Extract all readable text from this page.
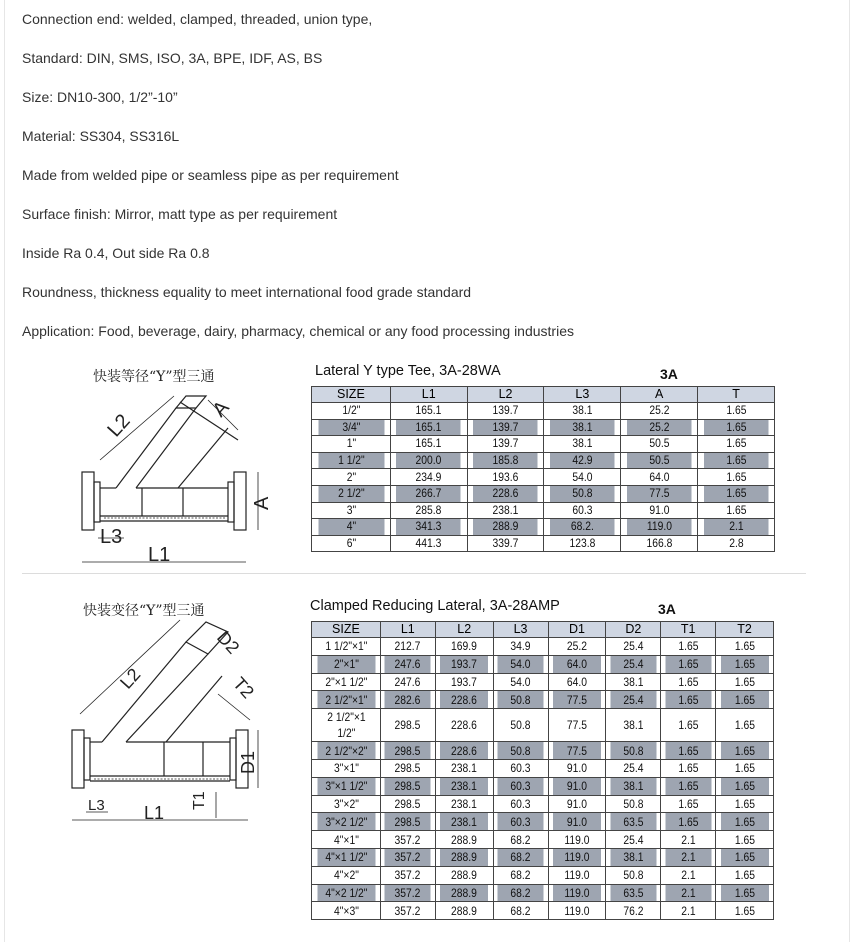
Connection end: welded, clamped, threaded, union type,
Standard: DIN, SMS, ISO, 3A, BPE, IDF, AS, BS
Size: DN10-300, 1/2”-10”
Material: SS304, SS316L
Made from welded pipe or seamless pipe as per requirement
Surface finish: Mirror, matt type as per requirement
Inside Ra 0.4, Out side Ra 0.8
Roundness, thickness equality to meet international food grade standard
Application: Food, beverage, dairy, pharmacy, chemical or any food processing industries
快装等径“Y”型三通
L2
A
A
L3
L1
Lateral Y type Tee, 3A-28WA	3A
SIZE	L1	L2	L3	A	T
1/2"	165.1	139.7	38.1	25.2	1.65
3/4"	165.1	139.7	38.1	25.2	1.65
1"	165.1	139.7	38.1	50.5	1.65
1 1/2"	200.0	185.8	42.9	50.5	1.65
2"	234.9	193.6	54.0	64.0	1.65
2 1/2"	266.7	228.6	50.8	77.5	1.65
3"	285.8	238.1	60.3	91.0	1.65
4"	341.3	288.9	68.2.	119.0	2.1
6"	441.3	339.7	123.8	166.8	2.8
快装变径“Y”型三通
L2
D2
T2
D1
T1
L3 L1
Clamped Reducing Lateral, 3A-28AMP	3A
SIZE	L1	L2	L3	D1	D2	T1	T2
1 1/2"×1"	212.7	169.9	34.9	25.2	25.4	1.65	1.65
2"×1"	247.6	193.7	54.0	64.0	25.4	1.65	1.65
2"×1 1/2"	247.6	193.7	54.0	64.0	38.1	1.65	1.65
2 1/2"×1"	282.6	228.6	50.8	77.5	25.4	1.65	1.65
2 1/2"×1 1/2"	298.5	228.6	50.8	77.5	38.1	1.65	1.65
2 1/2"×2"	298.5	228.6	50.8	77.5	50.8	1.65	1.65
3"×1"	298.5	238.1	60.3	91.0	25.4	1.65	1.65
3"×1 1/2"	298.5	238.1	60.3	91.0	38.1	1.65	1.65
3"×2"	298.5	238.1	60.3	91.0	50.8	1.65	1.65
3"×2 1/2"	298.5	238.1	60.3	91.0	63.5	1.65	1.65
4"×1"	357.2	288.9	68.2	119.0	25.4	2.1	1.65
4"×1 1/2"	357.2	288.9	68.2	119.0	38.1	2.1	1.65
4"×2"	357.2	288.9	68.2	119.0	50.8	2.1	1.65
4"×2 1/2"	357.2	288.9	68.2	119.0	63.5	2.1	1.65
4"×3"	357.2	288.9	68.2	119.0	76.2	2.1	1.65
